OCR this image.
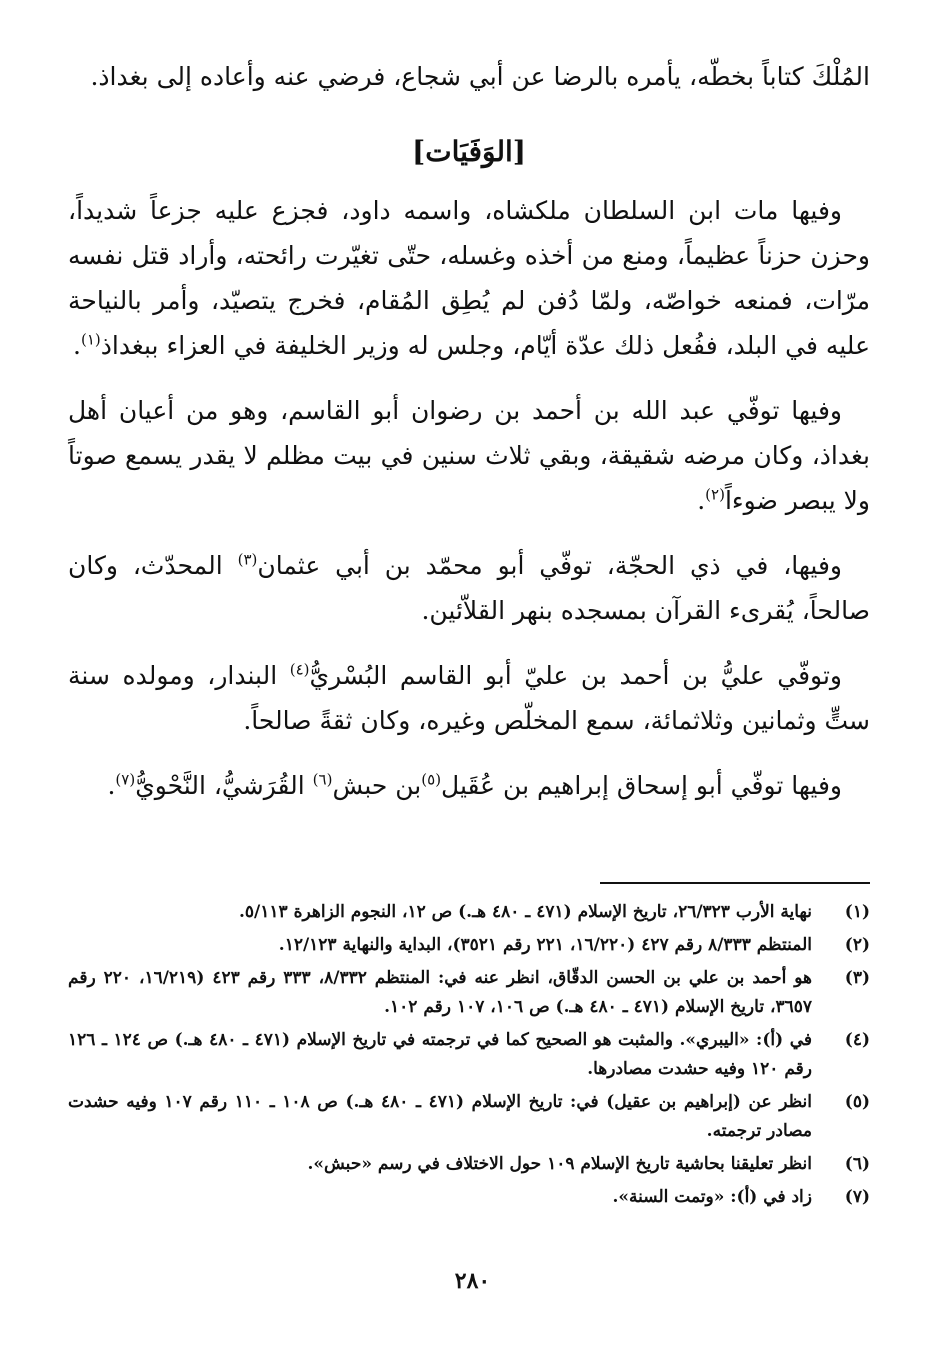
المُلْكَ كتاباً بخطّه، يأمره بالرضا عن أبي شجاع، فرضي عنه وأعاده إلى بغداذ.

[الوَفَيَات]

وفيها مات ابن السلطان ملكشاه، واسمه داود، فجزع عليه جزعاً شديداً، وحزن حزناً عظيماً، ومنع من أخذه وغسله، حتّى تغيّرت رائحته، وأراد قتل نفسه مرّات، فمنعه خواصّه، ولمّا دُفن لم يُطِق المُقام، فخرج يتصيّد، وأمر بالنياحة عليه في البلد، ففُعل ذلك عدّة أيّام، وجلس له وزير الخليفة في العزاء ببغداذ$^{(١)}$.

وفيها توفّي عبد الله بن أحمد بن رضوان أبو القاسم، وهو من أعيان أهل بغداذ، وكان مرضه شقيقة، وبقي ثلاث سنين في بيت مظلم لا يقدر يسمع صوتاً ولا يبصر ضوءاً$^{(٢)}$.

وفيها، في ذي الحجّة، توفّي أبو محمّد بن أبي عثمان$^{(٣)}$ المحدّث، وكان صالحاً، يُقرىء القرآن بمسجده بنهر القلاّئين.

وتوفّي عليُّ بن أحمد بن عليّ أبو القاسم البُسْريُّ$^{(٤)}$ البندار، ومولده سنة ستٍّ وثمانين وثلاثمائة، سمع المخلّص وغيره، وكان ثقةً صالحاً.

وفيها توفّي أبو إسحاق إبراهيم بن عُقَيل$^{(٥)}$بن حبش$^{(٦)}$ القُرَشيُّ، النَّحْويُّ$^{(٧)}$.

(١)
نهاية الأرب ٢٦/٣٢٣، تاريخ الإسلام (٤٧١ ـ ٤٨٠ هـ.) ص ١٢، النجوم الزاهرة ٥/١١٣.
(٢)
المنتظم ٨/٣٣٣ رقم ٤٢٧ (١٦/٢٢٠، ٢٢١ رقم ٣٥٢١)، البداية والنهاية ١٢/١٢٣.
(٣)
هو أحمد بن علي بن الحسن الدقّاق، انظر عنه في: المنتظم ٨/٣٣٢، ٣٣٣ رقم ٤٢٣ (١٦/٢١٩، ٢٢٠ رقم ٣٦٥٧، تاريخ الإسلام (٤٧١ ـ ٤٨٠ هـ.) ص ١٠٦، ١٠٧ رقم ١٠٢.
(٤)
في (أ): «اليبري». والمثبت هو الصحيح كما في ترجمته في تاريخ الإسلام (٤٧١ ـ ٤٨٠ هـ.) ص ١٢٤ ـ ١٢٦ رقم ١٢٠ وفيه حشدت مصادرها.
(٥)
انظر عن (إبراهيم بن عقيل) في: تاريخ الإسلام (٤٧١ ـ ٤٨٠ هـ.) ص ١٠٨ ـ ١١٠ رقم ١٠٧ وفيه حشدت مصادر ترجمته.
(٦)
انظر تعليقنا بحاشية تاريخ الإسلام ١٠٩ حول الاختلاف في رسم «حبش».
(٧)
زاد في (أ): «وتمت السنة».
٢٨٠
